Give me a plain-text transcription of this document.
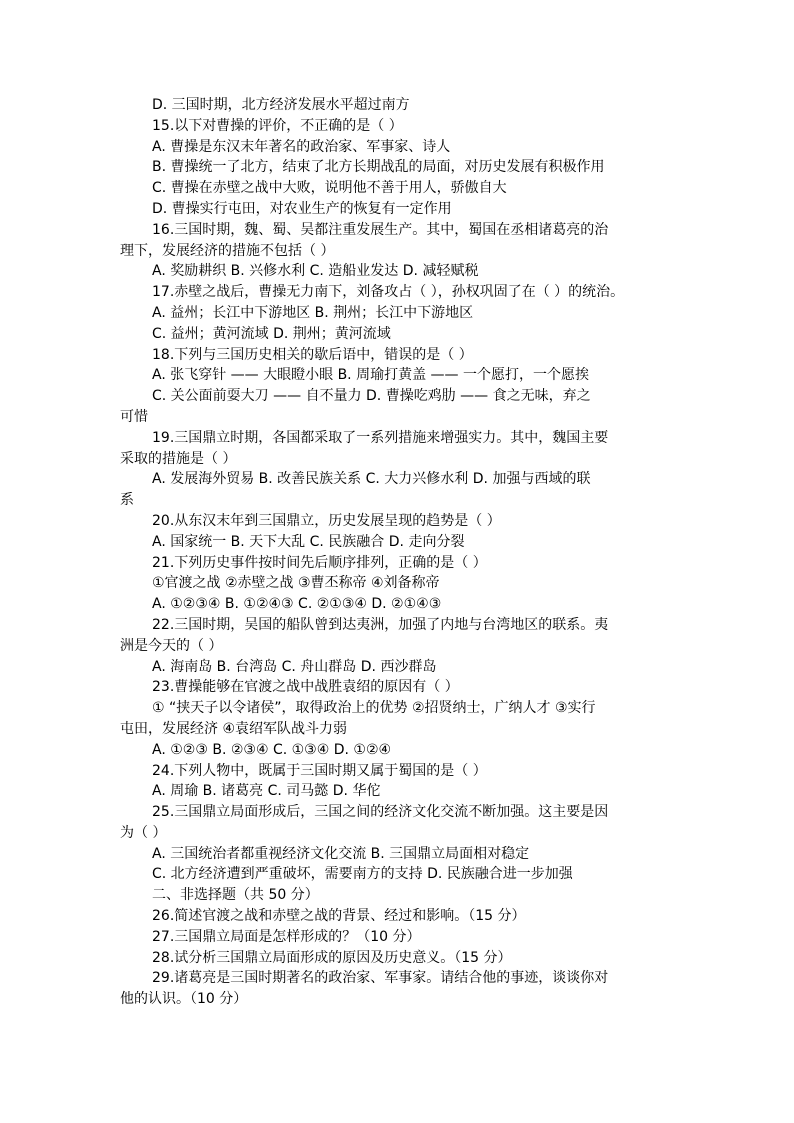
D. 三国时期，北方经济发展水平超过南方
15.以下对曹操的评价，不正确的是（ ）
A. 曹操是东汉末年著名的政治家、军事家、诗人
B. 曹操统一了北方，结束了北方长期战乱的局面，对历史发展有积极作用
C. 曹操在赤壁之战中大败，说明他不善于用人，骄傲自大
D. 曹操实行屯田，对农业生产的恢复有一定作用
16.三国时期，魏、蜀、吴都注重发展生产。其中，蜀国在丞相诸葛亮的治
理下，发展经济的措施不包括（ ）
A. 奖励耕织 B. 兴修水利 C. 造船业发达 D. 减轻赋税
17.赤壁之战后，曹操无力南下，刘备攻占（ ），孙权巩固了在（ ）的统治。
A. 益州；长江中下游地区 B. 荆州；长江中下游地区
C. 益州；黄河流域 D. 荆州；黄河流域
18.下列与三国历史相关的歇后语中，错误的是（ ）
A. 张飞穿针 —— 大眼瞪小眼 B. 周瑜打黄盖 —— 一个愿打，一个愿挨
C. 关公面前耍大刀 —— 自不量力 D. 曹操吃鸡肋 —— 食之无味，弃之
可惜
19.三国鼎立时期，各国都采取了一系列措施来增强实力。其中，魏国主要
采取的措施是（ ）
A. 发展海外贸易 B. 改善民族关系 C. 大力兴修水利 D. 加强与西域的联
系
20.从东汉末年到三国鼎立，历史发展呈现的趋势是（ ）
A. 国家统一 B. 天下大乱 C. 民族融合 D. 走向分裂
21.下列历史事件按时间先后顺序排列，正确的是（ ）
①官渡之战 ②赤壁之战 ③曹丕称帝 ④刘备称帝
A. ①②③④ B. ①②④③ C. ②①③④ D. ②①④③
22.三国时期，吴国的船队曾到达夷洲，加强了内地与台湾地区的联系。夷
洲是今天的（ ）
A. 海南岛 B. 台湾岛 C. 舟山群岛 D. 西沙群岛
23.曹操能够在官渡之战中战胜袁绍的原因有（ ）
① “挟天子以令诸侯”，取得政治上的优势 ②招贤纳士，广纳人才 ③实行
屯田，发展经济 ④袁绍军队战斗力弱
A. ①②③ B. ②③④ C. ①③④ D. ①②④
24.下列人物中，既属于三国时期又属于蜀国的是（ ）
A. 周瑜 B. 诸葛亮 C. 司马懿 D. 华佗
25.三国鼎立局面形成后，三国之间的经济文化交流不断加强。这主要是因
为（ ）
A. 三国统治者都重视经济文化交流 B. 三国鼎立局面相对稳定
C. 北方经济遭到严重破坏，需要南方的支持 D. 民族融合进一步加强
二、非选择题（共 50 分）
26.简述官渡之战和赤壁之战的背景、经过和影响。（15 分）
27.三国鼎立局面是怎样形成的？（10 分）
28.试分析三国鼎立局面形成的原因及历史意义。（15 分）
29.诸葛亮是三国时期著名的政治家、军事家。请结合他的事迹，谈谈你对
他的认识。（10 分）
